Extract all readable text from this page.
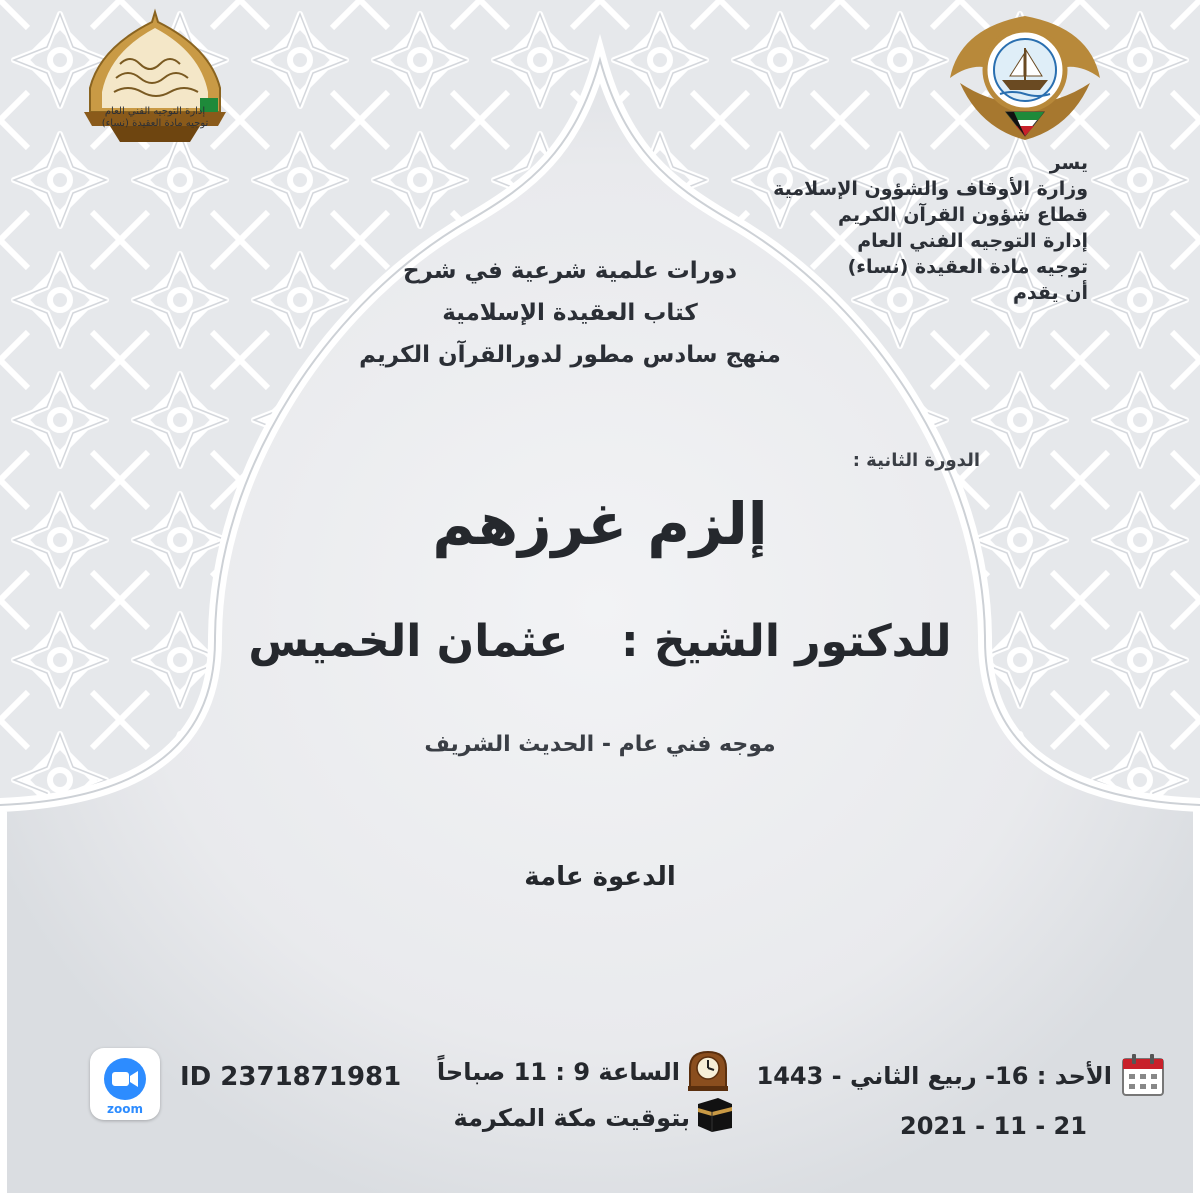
إدارة التوجيه الفني العام
توجيه مادة العقيدة (نساء)
يسر
وزارة الأوقاف والشؤون الإسلامية
قطاع شؤون القرآن الكريم
إدارة التوجيه الفني العام
توجيه مادة العقيدة (نساء)
أن يقدم
دورات علمية شرعية في شرح
كتاب العقيدة الإسلامية
منهج سادس مطور لدورالقرآن الكريم
الدورة الثانية :
إلزم غرزهم
للدكتور الشيخ :  عثمان الخميس
موجه فني عام - الحديث الشريف
الدعوة عامة
zoom
ID 2371871981 الساعة 9 : 11 صباحاً
بتوقيت مكة المكرمة
الأحد : 16- ربيع الثاني - 1443
2021 - 11 - 21
